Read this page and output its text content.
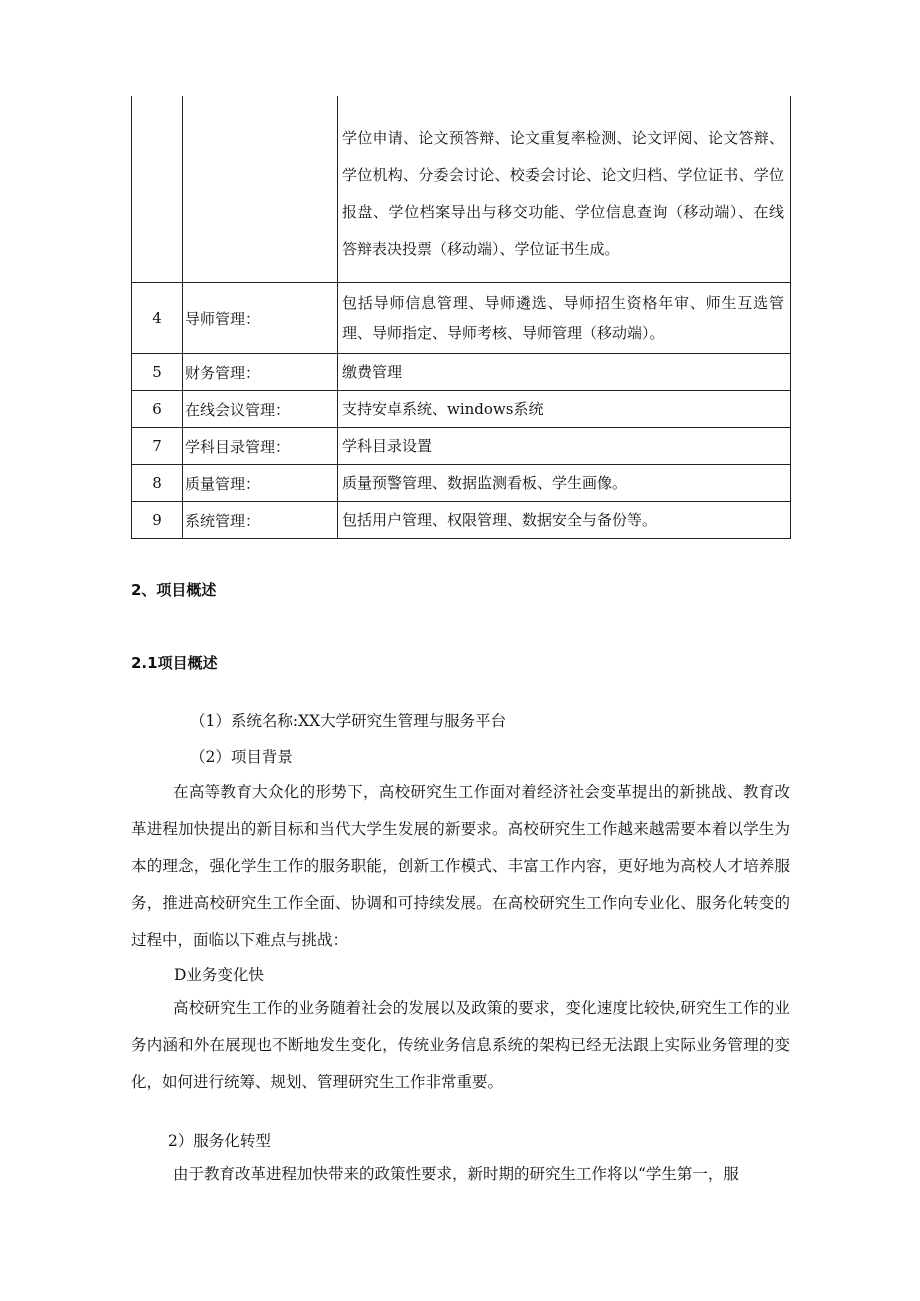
		学位申请、论文预答辩、论文重复率检测、论文评阅、论文答辩、学位机构、分委会讨论、校委会讨论、论文归档、学位证书、学位报盘、学位档案导出与移交功能、学位信息查询（移动端）、在线答辩表决投票（移动端）、学位证书生成。
4	导师管理：	包括导师信息管理、导师遴选、导师招生资格年审、师生互选管理、导师指定、导师考核、导师管理（移动端）。
5	财务管理：	缴费管理
6	在线会议管理：	支持安卓系统、windows系统
7	学科目录管理：	学科目录设置
8	质量管理：	质量预警管理、数据监测看板、学生画像。
9	系统管理：	包括用户管理、权限管理、数据安全与备份等。
2、项目概述
2.1项目概述
（1）系统名称:XX大学研究生管理与服务平台
（2）项目背景
在高等教育大众化的形势下，高校研究生工作面对着经济社会变革提出的新挑战、教育改革进程加快提出的新目标和当代大学生发展的新要求。高校研究生工作越来越需要本着以学生为本的理念，强化学生工作的服务职能，创新工作模式、丰富工作内容，更好地为高校人才培养服务，推进高校研究生工作全面、协调和可持续发展。在高校研究生工作向专业化、服务化转变的过程中，面临以下难点与挑战：
D业务变化快
高校研究生工作的业务随着社会的发展以及政策的要求，变化速度比较快,研究生工作的业务内涵和外在展现也不断地发生变化，传统业务信息系统的架构已经无法跟上实际业务管理的变化，如何进行统筹、规划、管理研究生工作非常重要。
2）服务化转型
由于教育改革进程加快带来的政策性要求，新时期的研究生工作将以“学生第一，服
